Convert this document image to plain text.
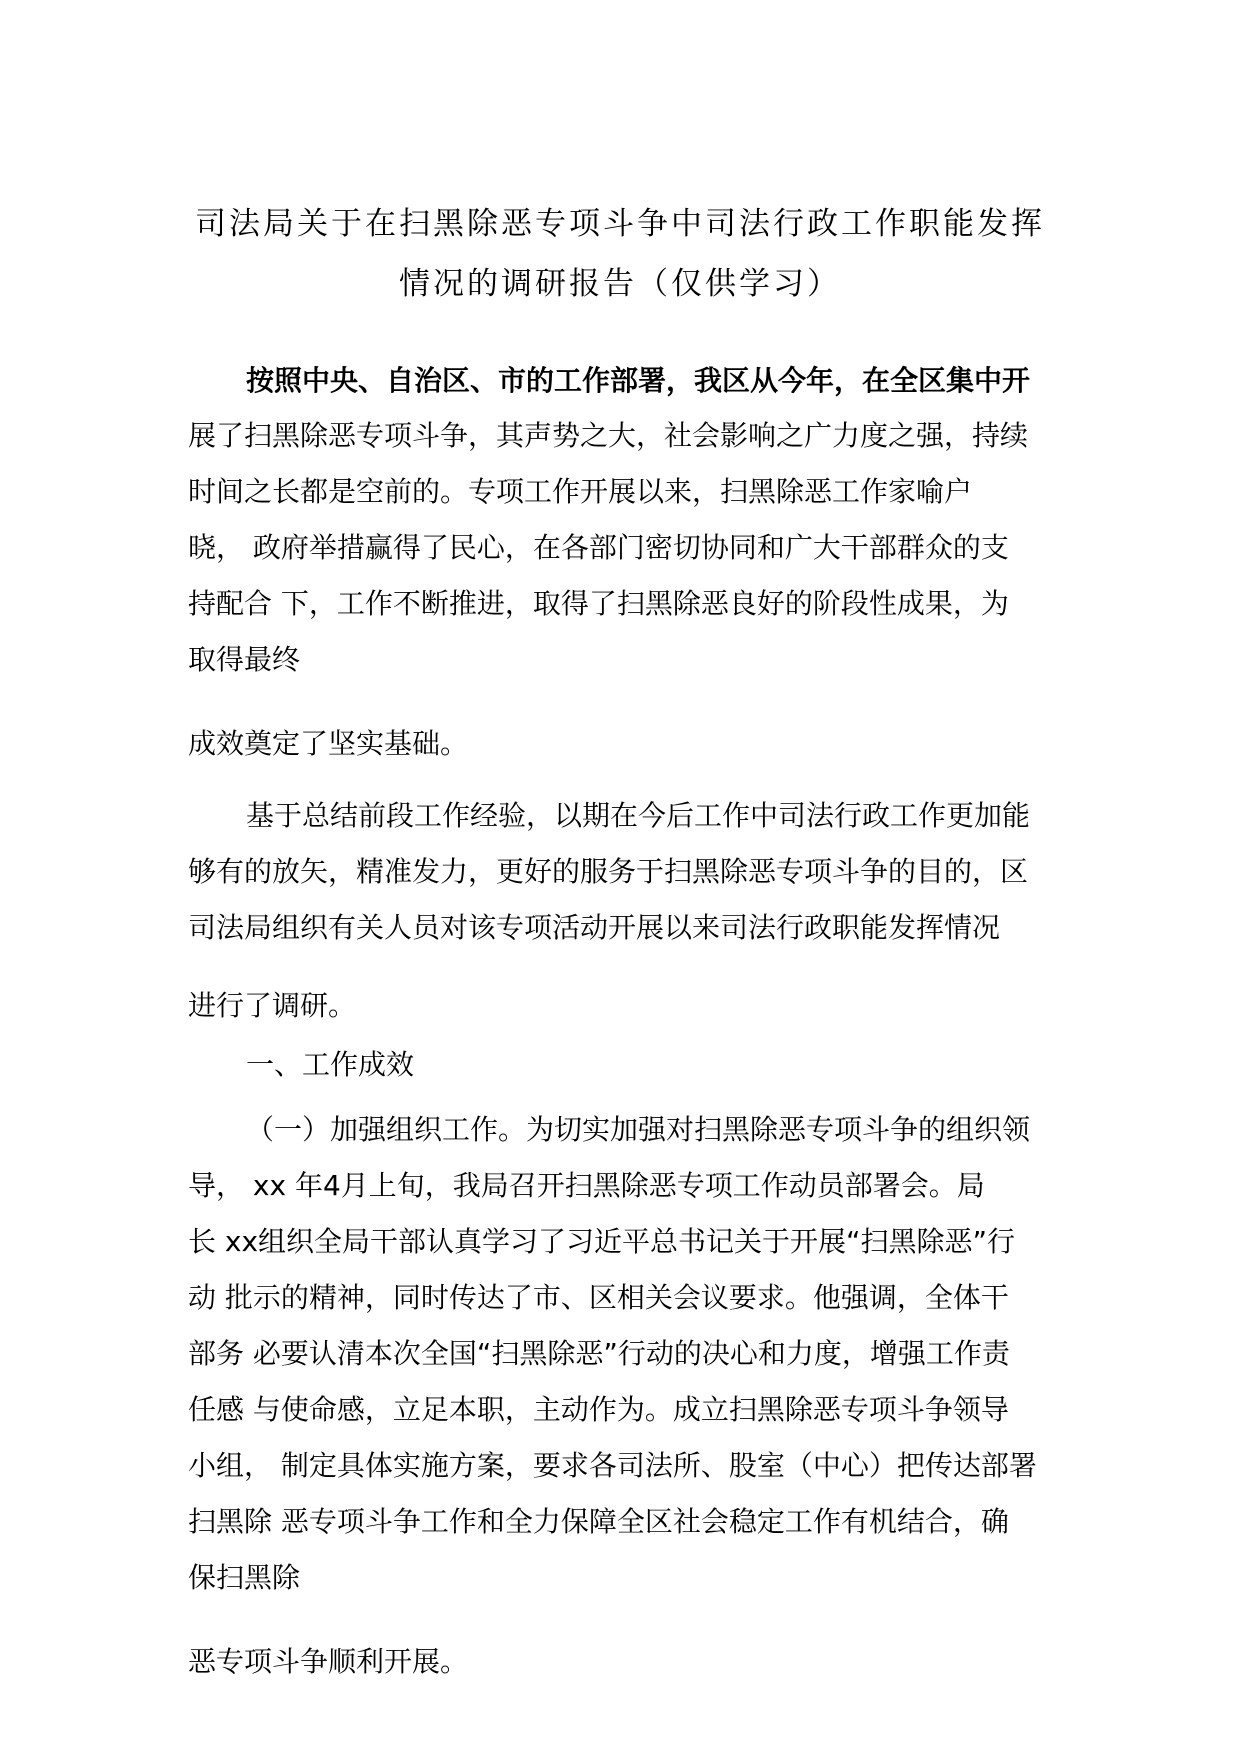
司法局关于在扫黑除恶专项斗争中司法行政工作职能发挥
情况的调研报告（仅供学习）
按照中央、自治区、市的工作部署，我区从今年，在全区集中开
展了扫黑除恶专项斗争，其声势之大，社会影响之广力度之强，持续
时间之长都是空前的。专项工作开展以来，扫黑除恶工作家喻户
晓， 政府举措赢得了民心，在各部门密切协同和广大干部群众的支
持配合 下，工作不断推进，取得了扫黑除恶良好的阶段性成果，为
取得最终
成效奠定了坚实基础。
基于总结前段工作经验，以期在今后工作中司法行政工作更加能
够有的放矢，精准发力，更好的服务于扫黑除恶专项斗争的目的，区
司法局组织有关人员对该专项活动开展以来司法行政职能发挥情况
进行了调研。
一、工作成效
（一）加强组织工作。为切实加强对扫黑除恶专项斗争的组织领
导， xx 年4月上旬，我局召开扫黑除恶专项工作动员部署会。局
长 xx组织全局干部认真学习了习近平总书记关于开展“扫黑除恶”行
动 批示的精神，同时传达了市、区相关会议要求。他强调，全体干
部务 必要认清本次全国“扫黑除恶”行动的决心和力度，增强工作责
任感 与使命感，立足本职，主动作为。成立扫黑除恶专项斗争领导
小组， 制定具体实施方案，要求各司法所、股室（中心）把传达部署
扫黑除 恶专项斗争工作和全力保障全区社会稳定工作有机结合，确
保扫黑除
恶专项斗争顺利开展。
